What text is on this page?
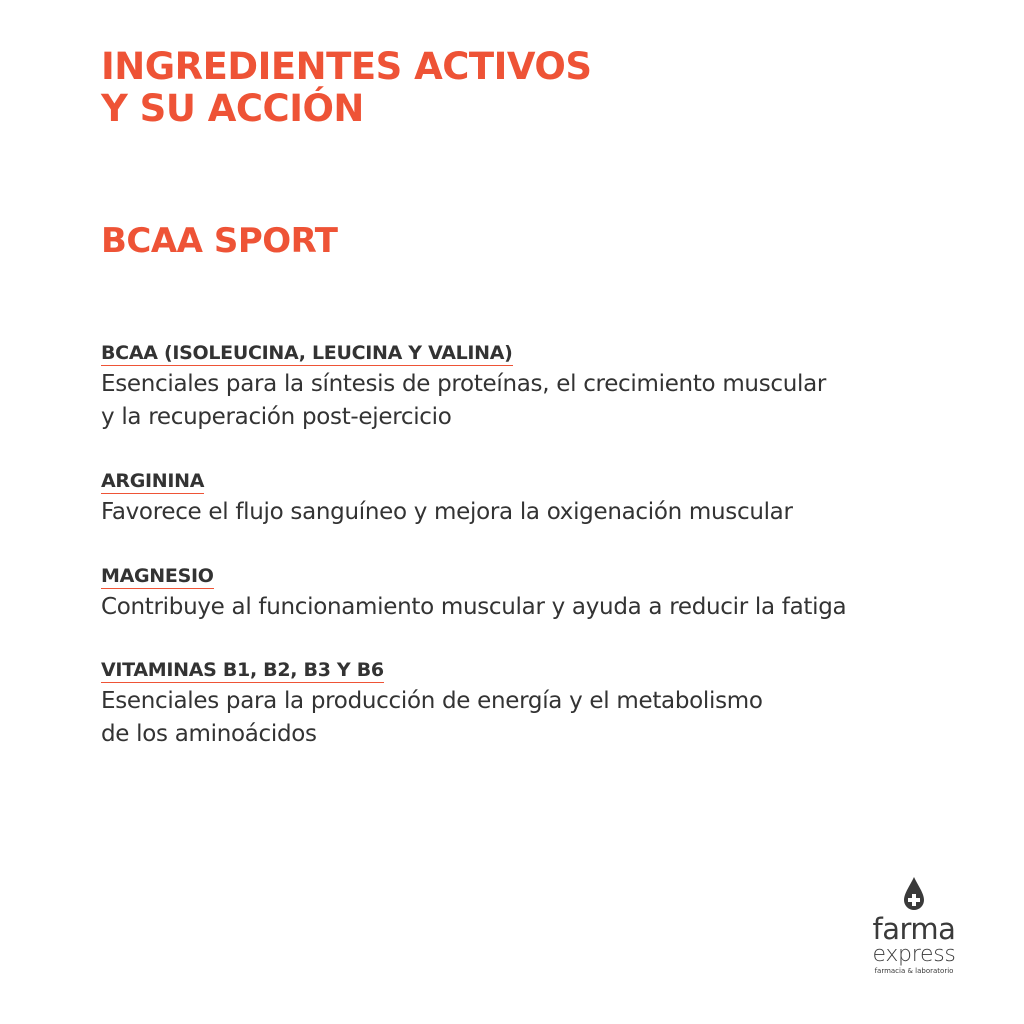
INGREDIENTES ACTIVOS
Y SU ACCIÓN
BCAA SPORT
BCAA (ISOLEUCINA, LEUCINA Y VALINA)
Esenciales para la síntesis de proteínas, el crecimiento muscular
y la recuperación post-ejercicio
ARGININA
Favorece el flujo sanguíneo y mejora la oxigenación muscular
MAGNESIO
Contribuye al funcionamiento muscular y ayuda a reducir la fatiga
VITAMINAS B1, B2, B3 Y B6
Esenciales para la producción de energía y el metabolismo
de los aminoácidos
farma
express
farmacia & laboratorio
